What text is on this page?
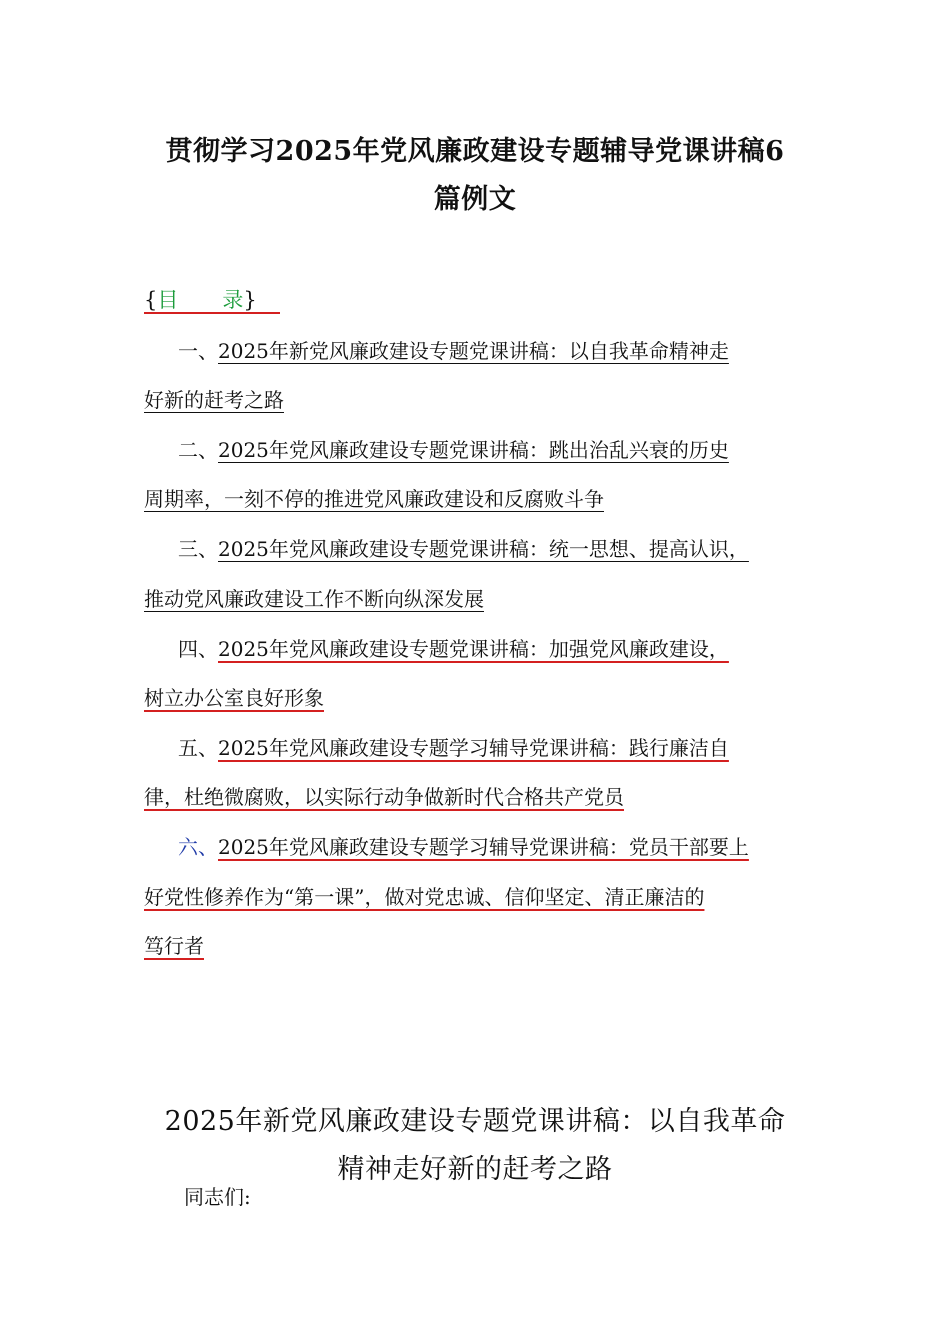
贯彻学习2025年党风廉政建设专题辅导党课讲稿6
篇例文
{目 录}
一、2025年新党风廉政建设专题党课讲稿：以自我革命精神走
好新的赶考之路
二、2025年党风廉政建设专题党课讲稿：跳出治乱兴衰的历史
周期率，一刻不停的推进党风廉政建设和反腐败斗争
三、2025年党风廉政建设专题党课讲稿：统一思想、提高认识，
推动党风廉政建设工作不断向纵深发展
四、2025年党风廉政建设专题党课讲稿：加强党风廉政建设，
树立办公室良好形象
五、2025年党风廉政建设专题学习辅导党课讲稿：践行廉洁自
律，杜绝微腐败，以实际行动争做新时代合格共产党员
六、2025年党风廉政建设专题学习辅导党课讲稿：党员干部要上
好党性修养作为“第一课”，做对党忠诚、信仰坚定、清正廉洁的
笃行者
2025年新党风廉政建设专题党课讲稿：以自我革命
精神走好新的赶考之路
同志们:
